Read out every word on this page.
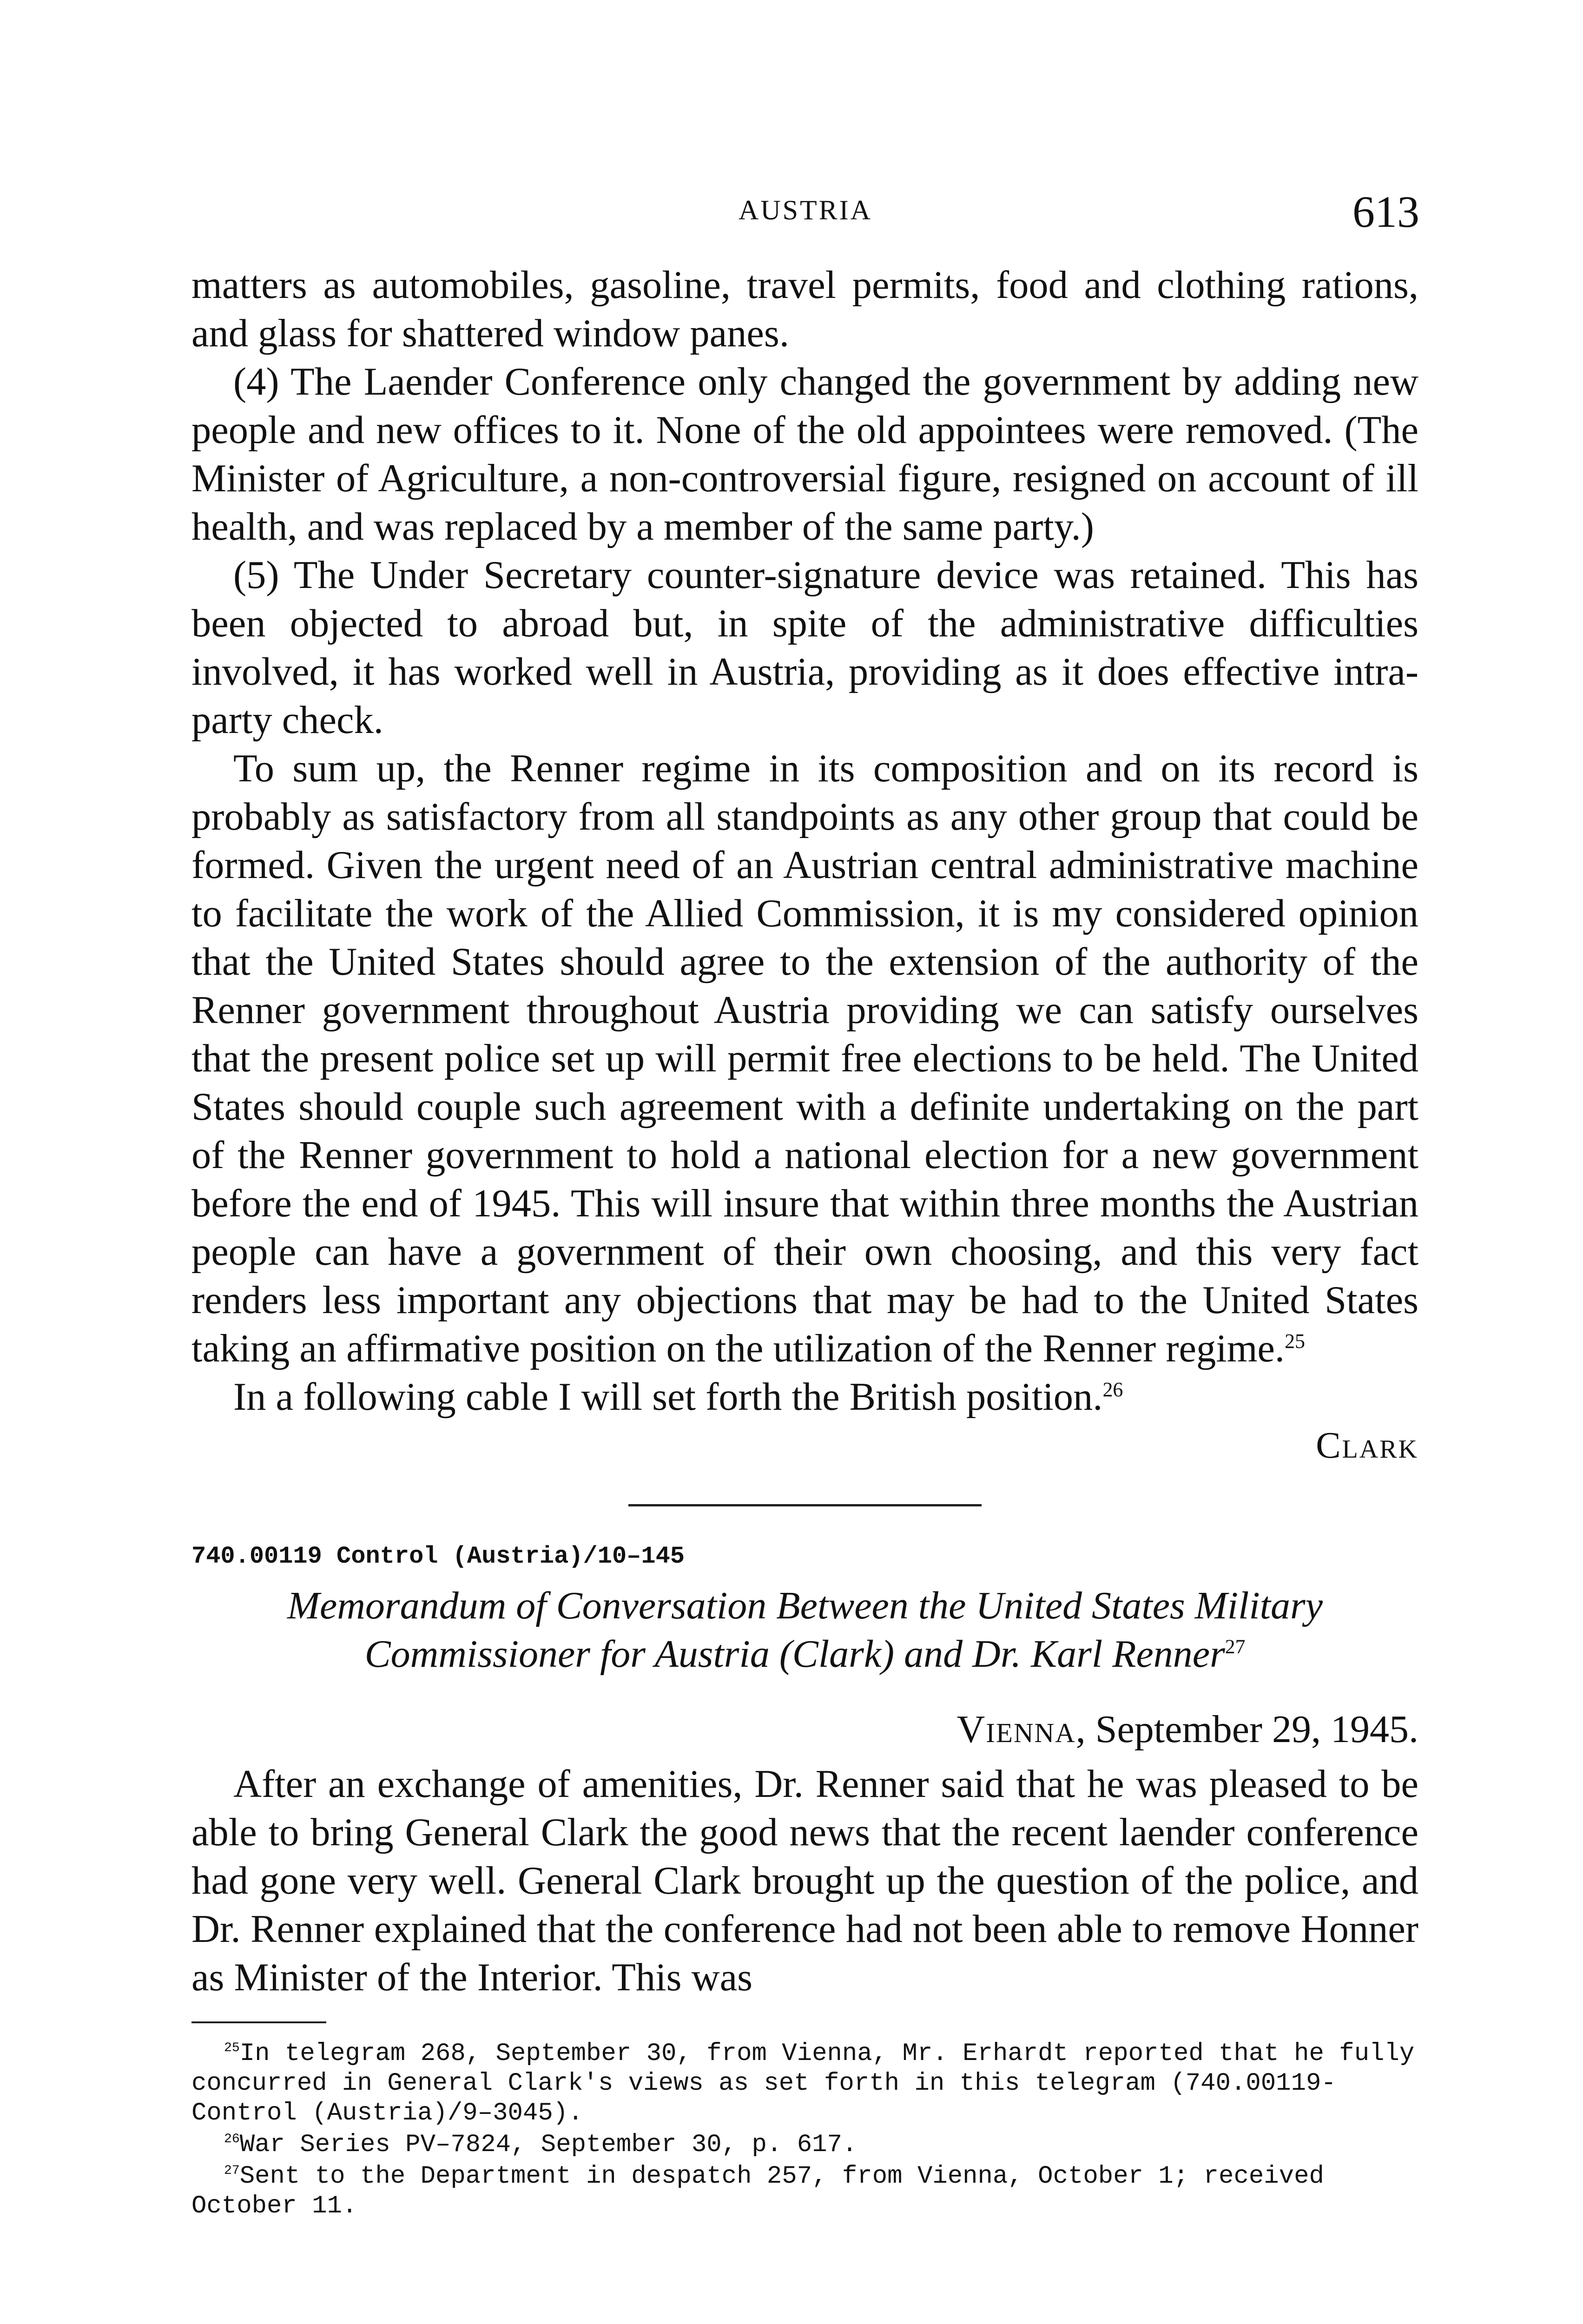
AUSTRIA	613

matters as automobiles, gasoline, travel permits, food and clothing rations, and glass for shattered window panes.

(4) The Laender Conference only changed the government by adding new people and new offices to it. None of the old appointees were removed. (The Minister of Agriculture, a non-controversial figure, resigned on account of ill health, and was replaced by a member of the same party.)

(5) The Under Secretary counter-signature device was retained. This has been objected to abroad but, in spite of the administrative difficulties involved, it has worked well in Austria, providing as it does effective intra-party check.

To sum up, the Renner regime in its composition and on its record is probably as satisfactory from all standpoints as any other group that could be formed. Given the urgent need of an Austrian central administrative machine to facilitate the work of the Allied Commission, it is my considered opinion that the United States should agree to the extension of the authority of the Renner government throughout Austria providing we can satisfy ourselves that the present police set up will permit free elections to be held. The United States should couple such agreement with a definite undertaking on the part of the Renner government to hold a national election for a new government before the end of 1945. This will insure that within three months the Austrian people can have a government of their own choosing, and this very fact renders less important any objections that may be had to the United States taking an affirmative position on the utilization of the Renner regime.$^{25}$

In a following cable I will set forth the British position.$^{26}$

Clark
740.00119 Control (Austria)/10–145
Memorandum of Conversation Between the United States Military Commissioner for Austria (Clark) and Dr. Karl Renner$^{27}$
Vienna, September 29, 1945.

After an exchange of amenities, Dr. Renner said that he was pleased to be able to bring General Clark the good news that the recent laender conference had gone very well. General Clark brought up the question of the police, and Dr. Renner explained that the conference had not been able to remove Honner as Minister of the Interior. This was

$^{25}$In telegram 268, September 30, from Vienna, Mr. Erhardt reported that he fully concurred in General Clark's views as set forth in this telegram (740.00119-Control (Austria)/9–3045).

$^{26}$War Series PV–7824, September 30, p. 617.

$^{27}$Sent to the Department in despatch 257, from Vienna, October 1; received October 11.
